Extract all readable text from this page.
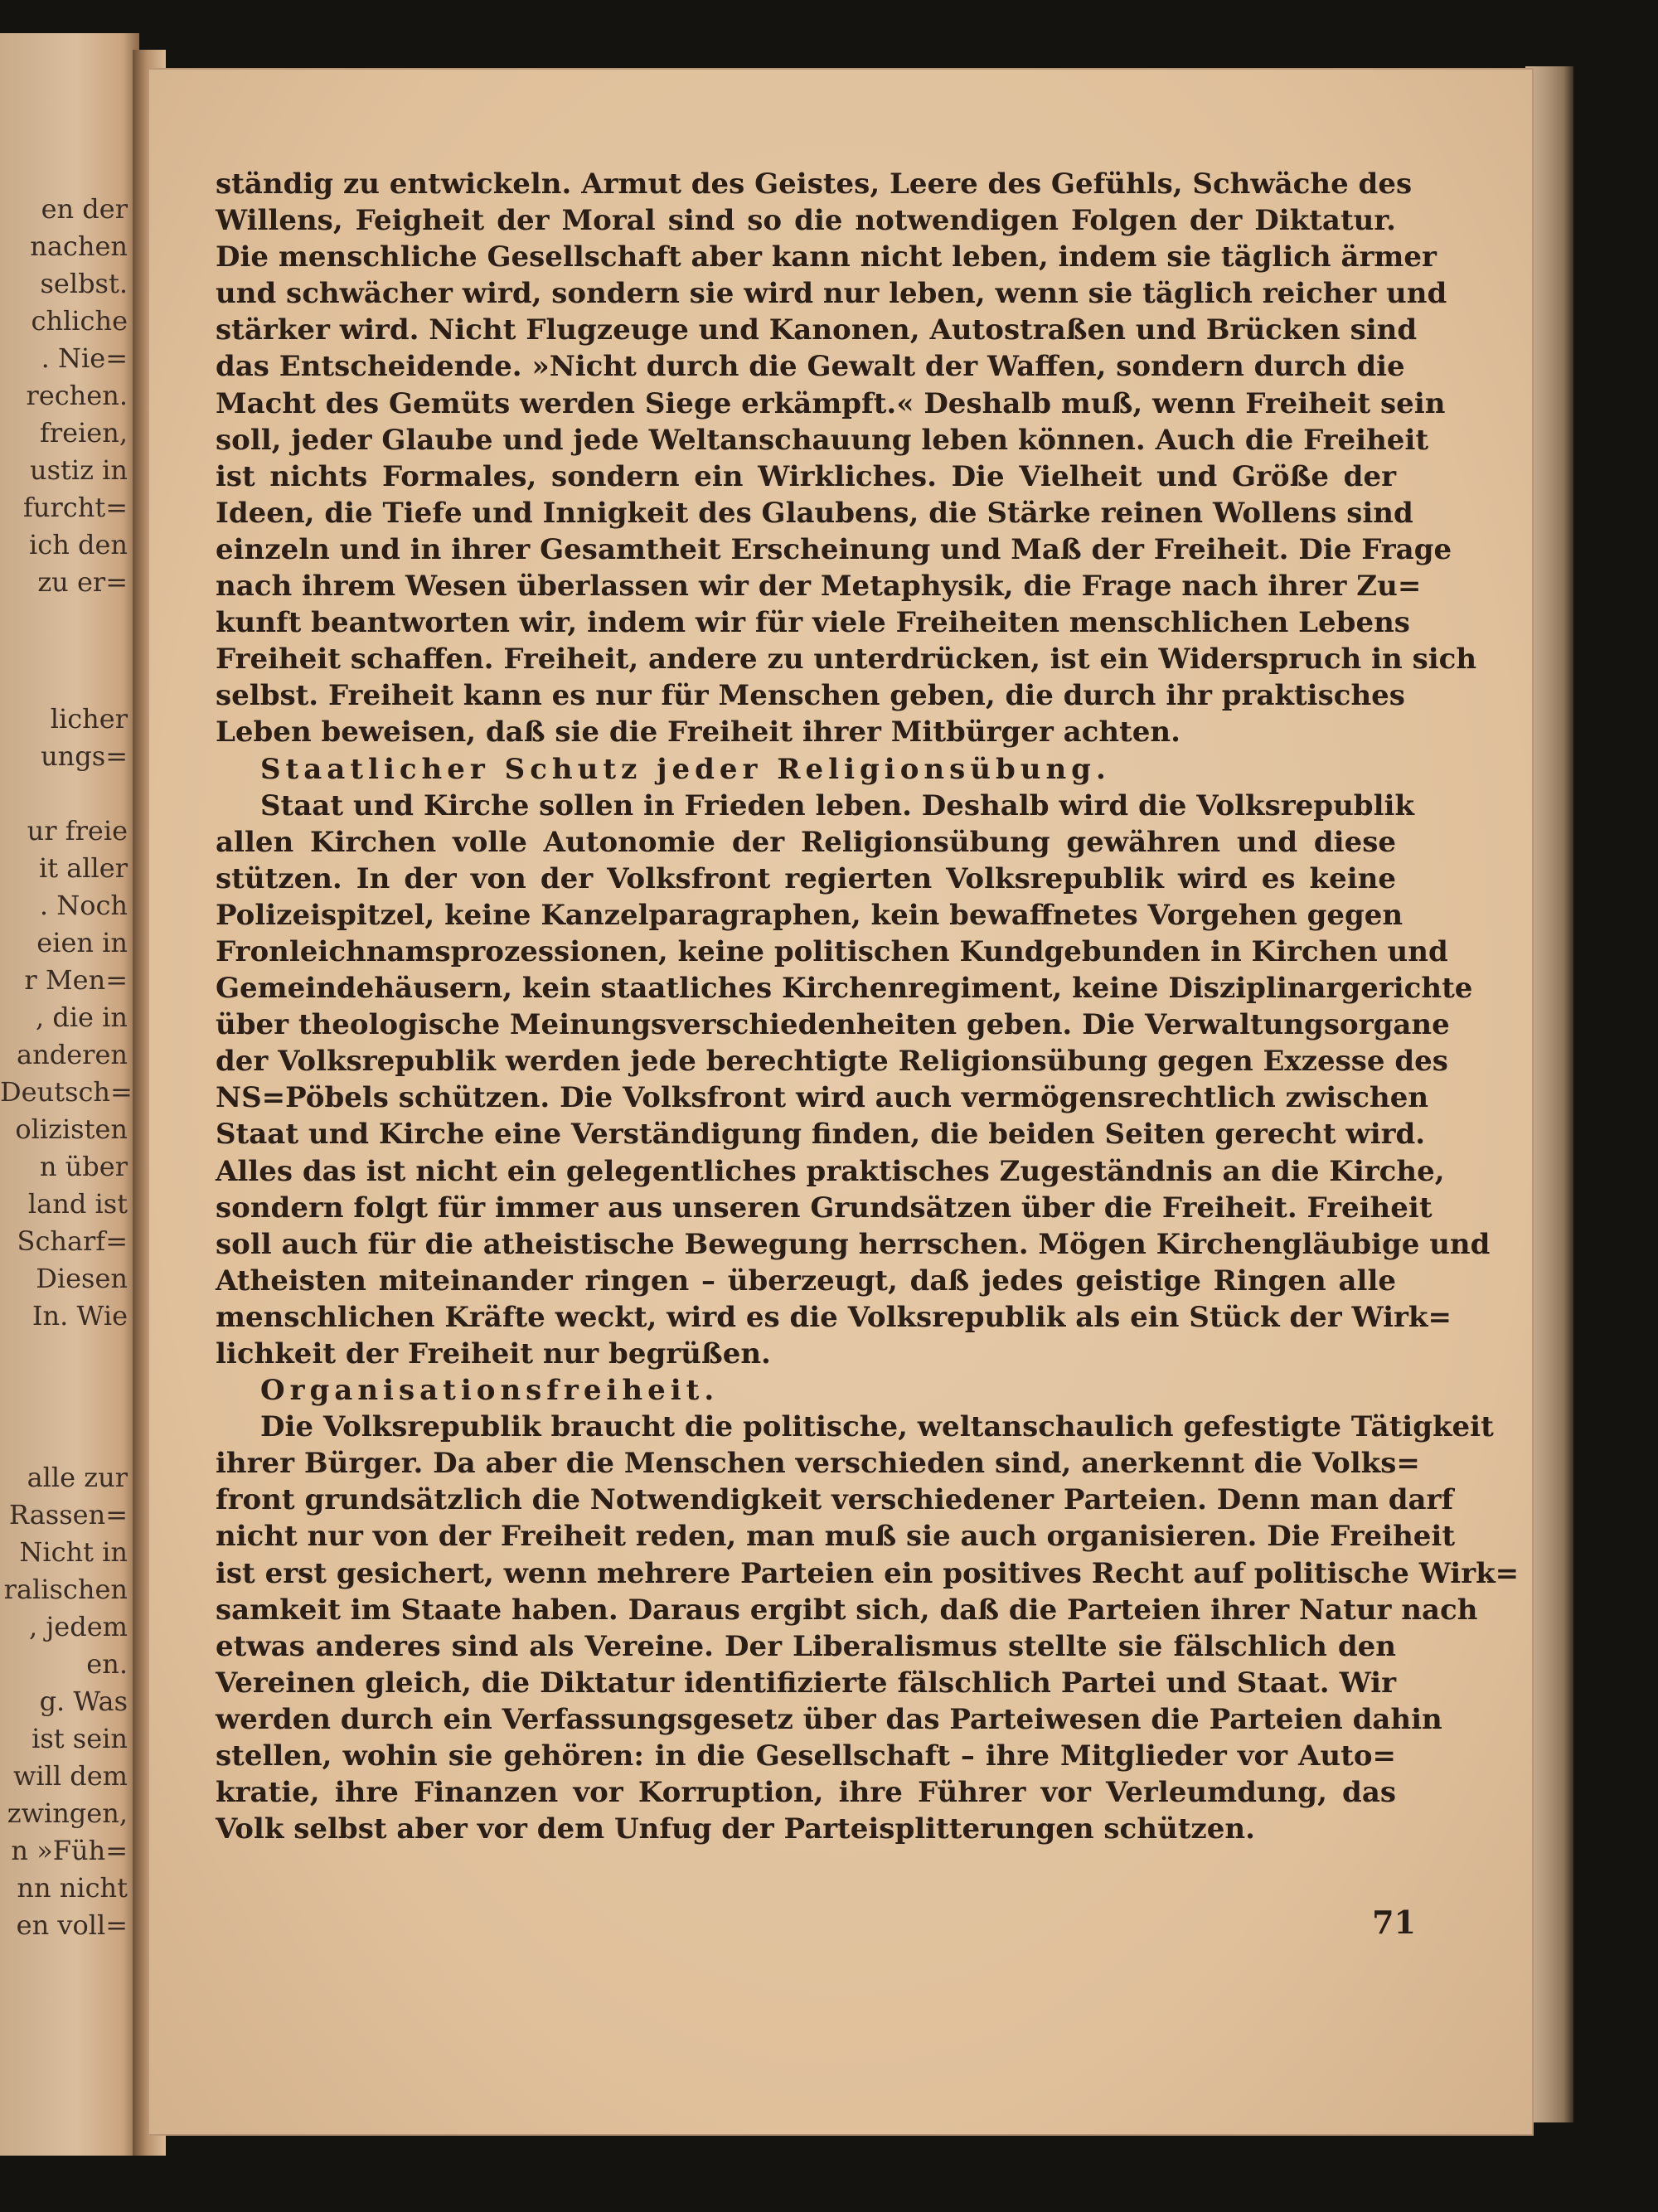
en der
nachen
selbst.
chliche
. Nie=
rechen.
freien,
ustiz in
furcht=
ich den
zu er=
licher
ungs=
ur freie
it aller
. Noch
eien in
r Men=
, die in
anderen
Deutsch=
olizisten
n über
land ist
Scharf=
Diesen
In. Wie
alle zur
Rassen=
Nicht in
ralischen
, jedem
en.
g. Was
ist sein
will dem
zwingen,
n »Füh=
nn nicht
en voll=
ständig zu entwickeln. Armut des Geistes, Leere des Gefühls, Schwäche des
Willens, Feigheit der Moral sind so die notwendigen Folgen der Diktatur.
Die menschliche Gesellschaft aber kann nicht leben, indem sie täglich ärmer
und schwächer wird, sondern sie wird nur leben, wenn sie täglich reicher und
stärker wird. Nicht Flugzeuge und Kanonen, Autostraßen und Brücken sind
das Entscheidende. »Nicht durch die Gewalt der Waffen, sondern durch die
Macht des Gemüts werden Siege erkämpft.« Deshalb muß, wenn Freiheit sein
soll, jeder Glaube und jede Weltanschauung leben können. Auch die Freiheit
ist nichts Formales, sondern ein Wirkliches. Die Vielheit und Größe der
Ideen, die Tiefe und Innigkeit des Glaubens, die Stärke reinen Wollens sind
einzeln und in ihrer Gesamtheit Erscheinung und Maß der Freiheit. Die Frage
nach ihrem Wesen überlassen wir der Metaphysik, die Frage nach ihrer Zu=
kunft beantworten wir, indem wir für viele Freiheiten menschlichen Lebens
Freiheit schaffen. Freiheit, andere zu unterdrücken, ist ein Widerspruch in sich
selbst. Freiheit kann es nur für Menschen geben, die durch ihr praktisches
Leben beweisen, daß sie die Freiheit ihrer Mitbürger achten.
Staatlicher Schutz jeder Religionsübung.
Staat und Kirche sollen in Frieden leben. Deshalb wird die Volksrepublik
allen Kirchen volle Autonomie der Religionsübung gewähren und diese
stützen. In der von der Volksfront regierten Volksrepublik wird es keine
Polizeispitzel, keine Kanzelparagraphen, kein bewaffnetes Vorgehen gegen
Fronleichnamsprozessionen, keine politischen Kundgebunden in Kirchen und
Gemeindehäusern, kein staatliches Kirchenregiment, keine Disziplinargerichte
über theologische Meinungsverschiedenheiten geben. Die Verwaltungsorgane
der Volksrepublik werden jede berechtigte Religionsübung gegen Exzesse des
NS=Pöbels schützen. Die Volksfront wird auch vermögensrechtlich zwischen
Staat und Kirche eine Verständigung finden, die beiden Seiten gerecht wird.
Alles das ist nicht ein gelegentliches praktisches Zugeständnis an die Kirche,
sondern folgt für immer aus unseren Grundsätzen über die Freiheit. Freiheit
soll auch für die atheistische Bewegung herrschen. Mögen Kirchengläubige und
Atheisten miteinander ringen – überzeugt, daß jedes geistige Ringen alle
menschlichen Kräfte weckt, wird es die Volksrepublik als ein Stück der Wirk=
lichkeit der Freiheit nur begrüßen.
Organisationsfreiheit.
Die Volksrepublik braucht die politische, weltanschaulich gefestigte Tätigkeit
ihrer Bürger. Da aber die Menschen verschieden sind, anerkennt die Volks=
front grundsätzlich die Notwendigkeit verschiedener Parteien. Denn man darf
nicht nur von der Freiheit reden, man muß sie auch organisieren. Die Freiheit
ist erst gesichert, wenn mehrere Parteien ein positives Recht auf politische Wirk=
samkeit im Staate haben. Daraus ergibt sich, daß die Parteien ihrer Natur nach
etwas anderes sind als Vereine. Der Liberalismus stellte sie fälschlich den
Vereinen gleich, die Diktatur identifizierte fälschlich Partei und Staat. Wir
werden durch ein Verfassungsgesetz über das Parteiwesen die Parteien dahin
stellen, wohin sie gehören: in die Gesellschaft – ihre Mitglieder vor Auto=
kratie, ihre Finanzen vor Korruption, ihre Führer vor Verleumdung, das
Volk selbst aber vor dem Unfug der Parteisplitterungen schützen.
71
